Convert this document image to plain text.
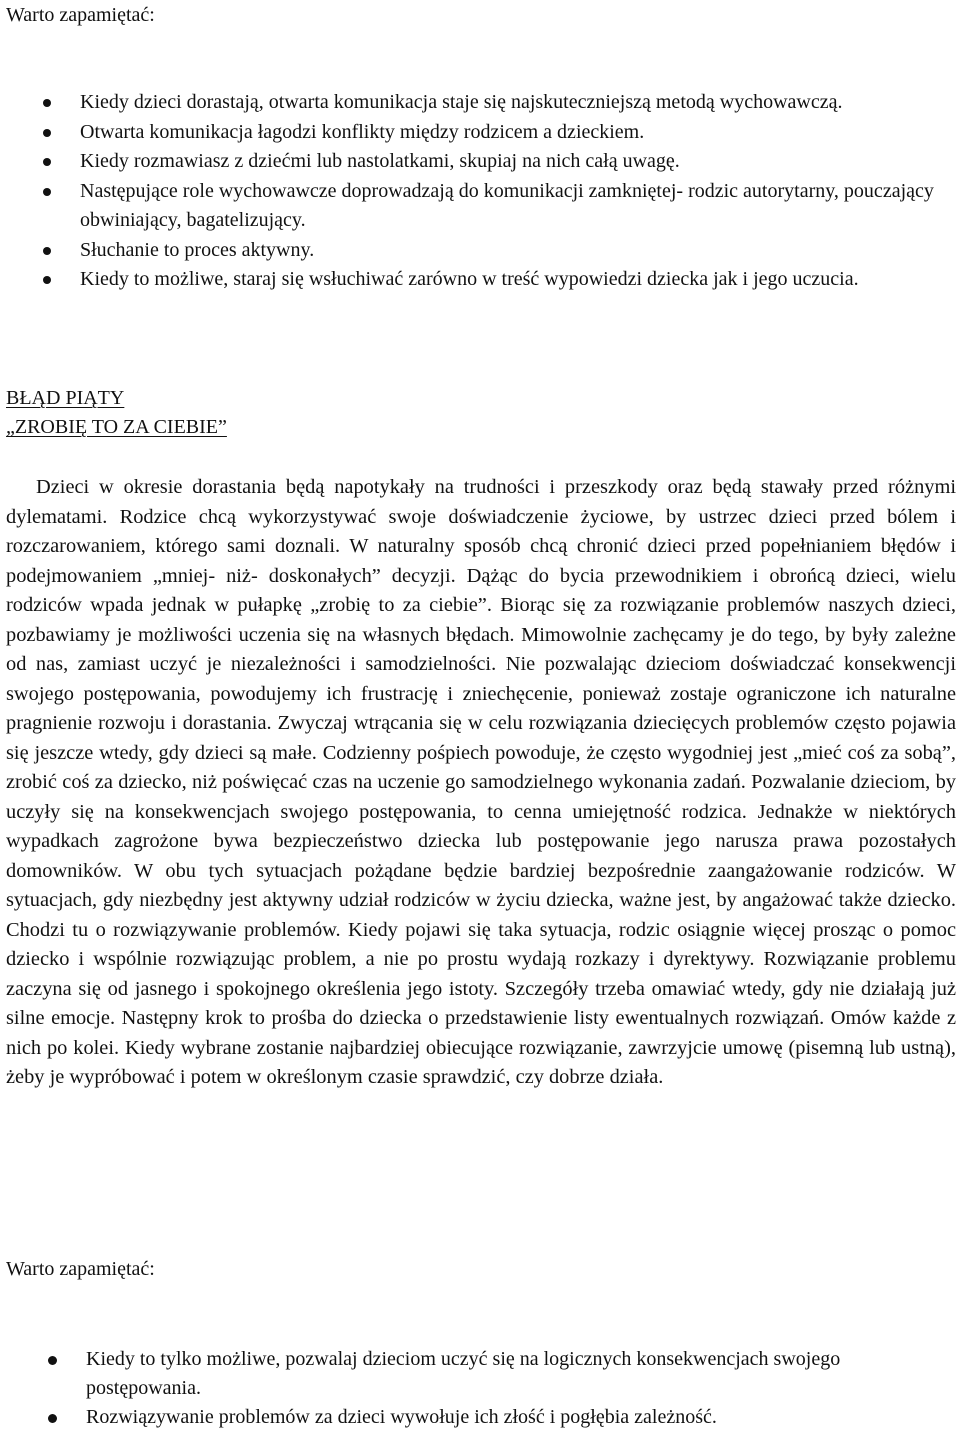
Warto zapamiętać:
Kiedy dzieci dorastają, otwarta komunikacja staje się najskuteczniejszą metodą wychowawczą.
Otwarta komunikacja łagodzi konflikty między rodzicem a dzieckiem.
Kiedy rozmawiasz z dziećmi lub nastolatkami, skupiaj na nich całą uwagę.
Następujące role wychowawcze doprowadzają do komunikacji zamkniętej- rodzic autorytarny, pouczający obwiniający, bagatelizujący.
Słuchanie to proces aktywny.
Kiedy to możliwe, staraj się wsłuchiwać zarówno w treść wypowiedzi dziecka jak i jego uczucia.

BŁĄD PIĄTY

„ZROBIĘ TO ZA CIEBIE”

Dzieci w okresie dorastania będą napotykały na trudności i przeszkody oraz będą stawały przed różnymi dylematami. Rodzice chcą wykorzystywać swoje doświadczenie życiowe, by ustrzec dzieci przed bólem i rozczarowaniem, którego sami doznali. W naturalny sposób chcą chronić dzieci przed popełnianiem błędów i podejmowaniem „mniej- niż- doskonałych” decyzji. Dążąc do bycia przewodnikiem i obrońcą dzieci, wielu rodziców wpada jednak w pułapkę „zrobię to za ciebie”. Biorąc się za rozwiązanie problemów naszych dzieci, pozbawiamy je możliwości uczenia się na własnych błędach. Mimowolnie zachęcamy je do tego, by były zależne od nas, zamiast uczyć je niezależności i samodzielności. Nie pozwalając dzieciom doświadczać konsekwencji swojego postępowania, powodujemy ich frustrację i zniechęcenie, ponieważ zostaje ograniczone ich naturalne pragnienie rozwoju i dorastania. Zwyczaj wtrącania się w celu rozwiązania dziecięcych problemów często pojawia się jeszcze wtedy, gdy dzieci są małe. Codzienny pośpiech powoduje, że często wygodniej jest „mieć coś za sobą”, zrobić coś za dziecko, niż poświęcać czas na uczenie go samodzielnego wykonania zadań. Pozwalanie dzieciom, by uczyły się na konsekwencjach swojego postępowania, to cenna umiejętność rodzica. Jednakże w niektórych wypadkach zagrożone bywa bezpieczeństwo dziecka lub postępowanie jego narusza prawa pozostałych domowników. W obu tych sytuacjach pożądane będzie bardziej bezpośrednie zaangażowanie rodziców. W sytuacjach, gdy niezbędny jest aktywny udział rodziców w życiu dziecka, ważne jest, by angażować także dziecko. Chodzi tu o rozwiązywanie problemów. Kiedy pojawi się taka sytuacja, rodzic osiągnie więcej prosząc o pomoc dziecko i wspólnie rozwiązując problem, a nie po prostu wydają rozkazy i dyrektywy. Rozwiązanie problemu zaczyna się od jasnego i spokojnego określenia jego istoty. Szczegóły trzeba omawiać wtedy, gdy nie działają już silne emocje. Następny krok to prośba do dziecka o przedstawienie listy ewentualnych rozwiązań. Omów każde z nich po kolei. Kiedy wybrane zostanie najbardziej obiecujące rozwiązanie, zawrzyjcie umowę (pisemną lub ustną), żeby je wypróbować i potem w określonym czasie sprawdzić, czy dobrze działa.

Warto zapamiętać:
Kiedy to tylko możliwe, pozwalaj dzieciom uczyć się na logicznych konsekwencjach swojego postępowania.
Rozwiązywanie problemów za dzieci wywołuje ich złość i pogłębia zależność.
